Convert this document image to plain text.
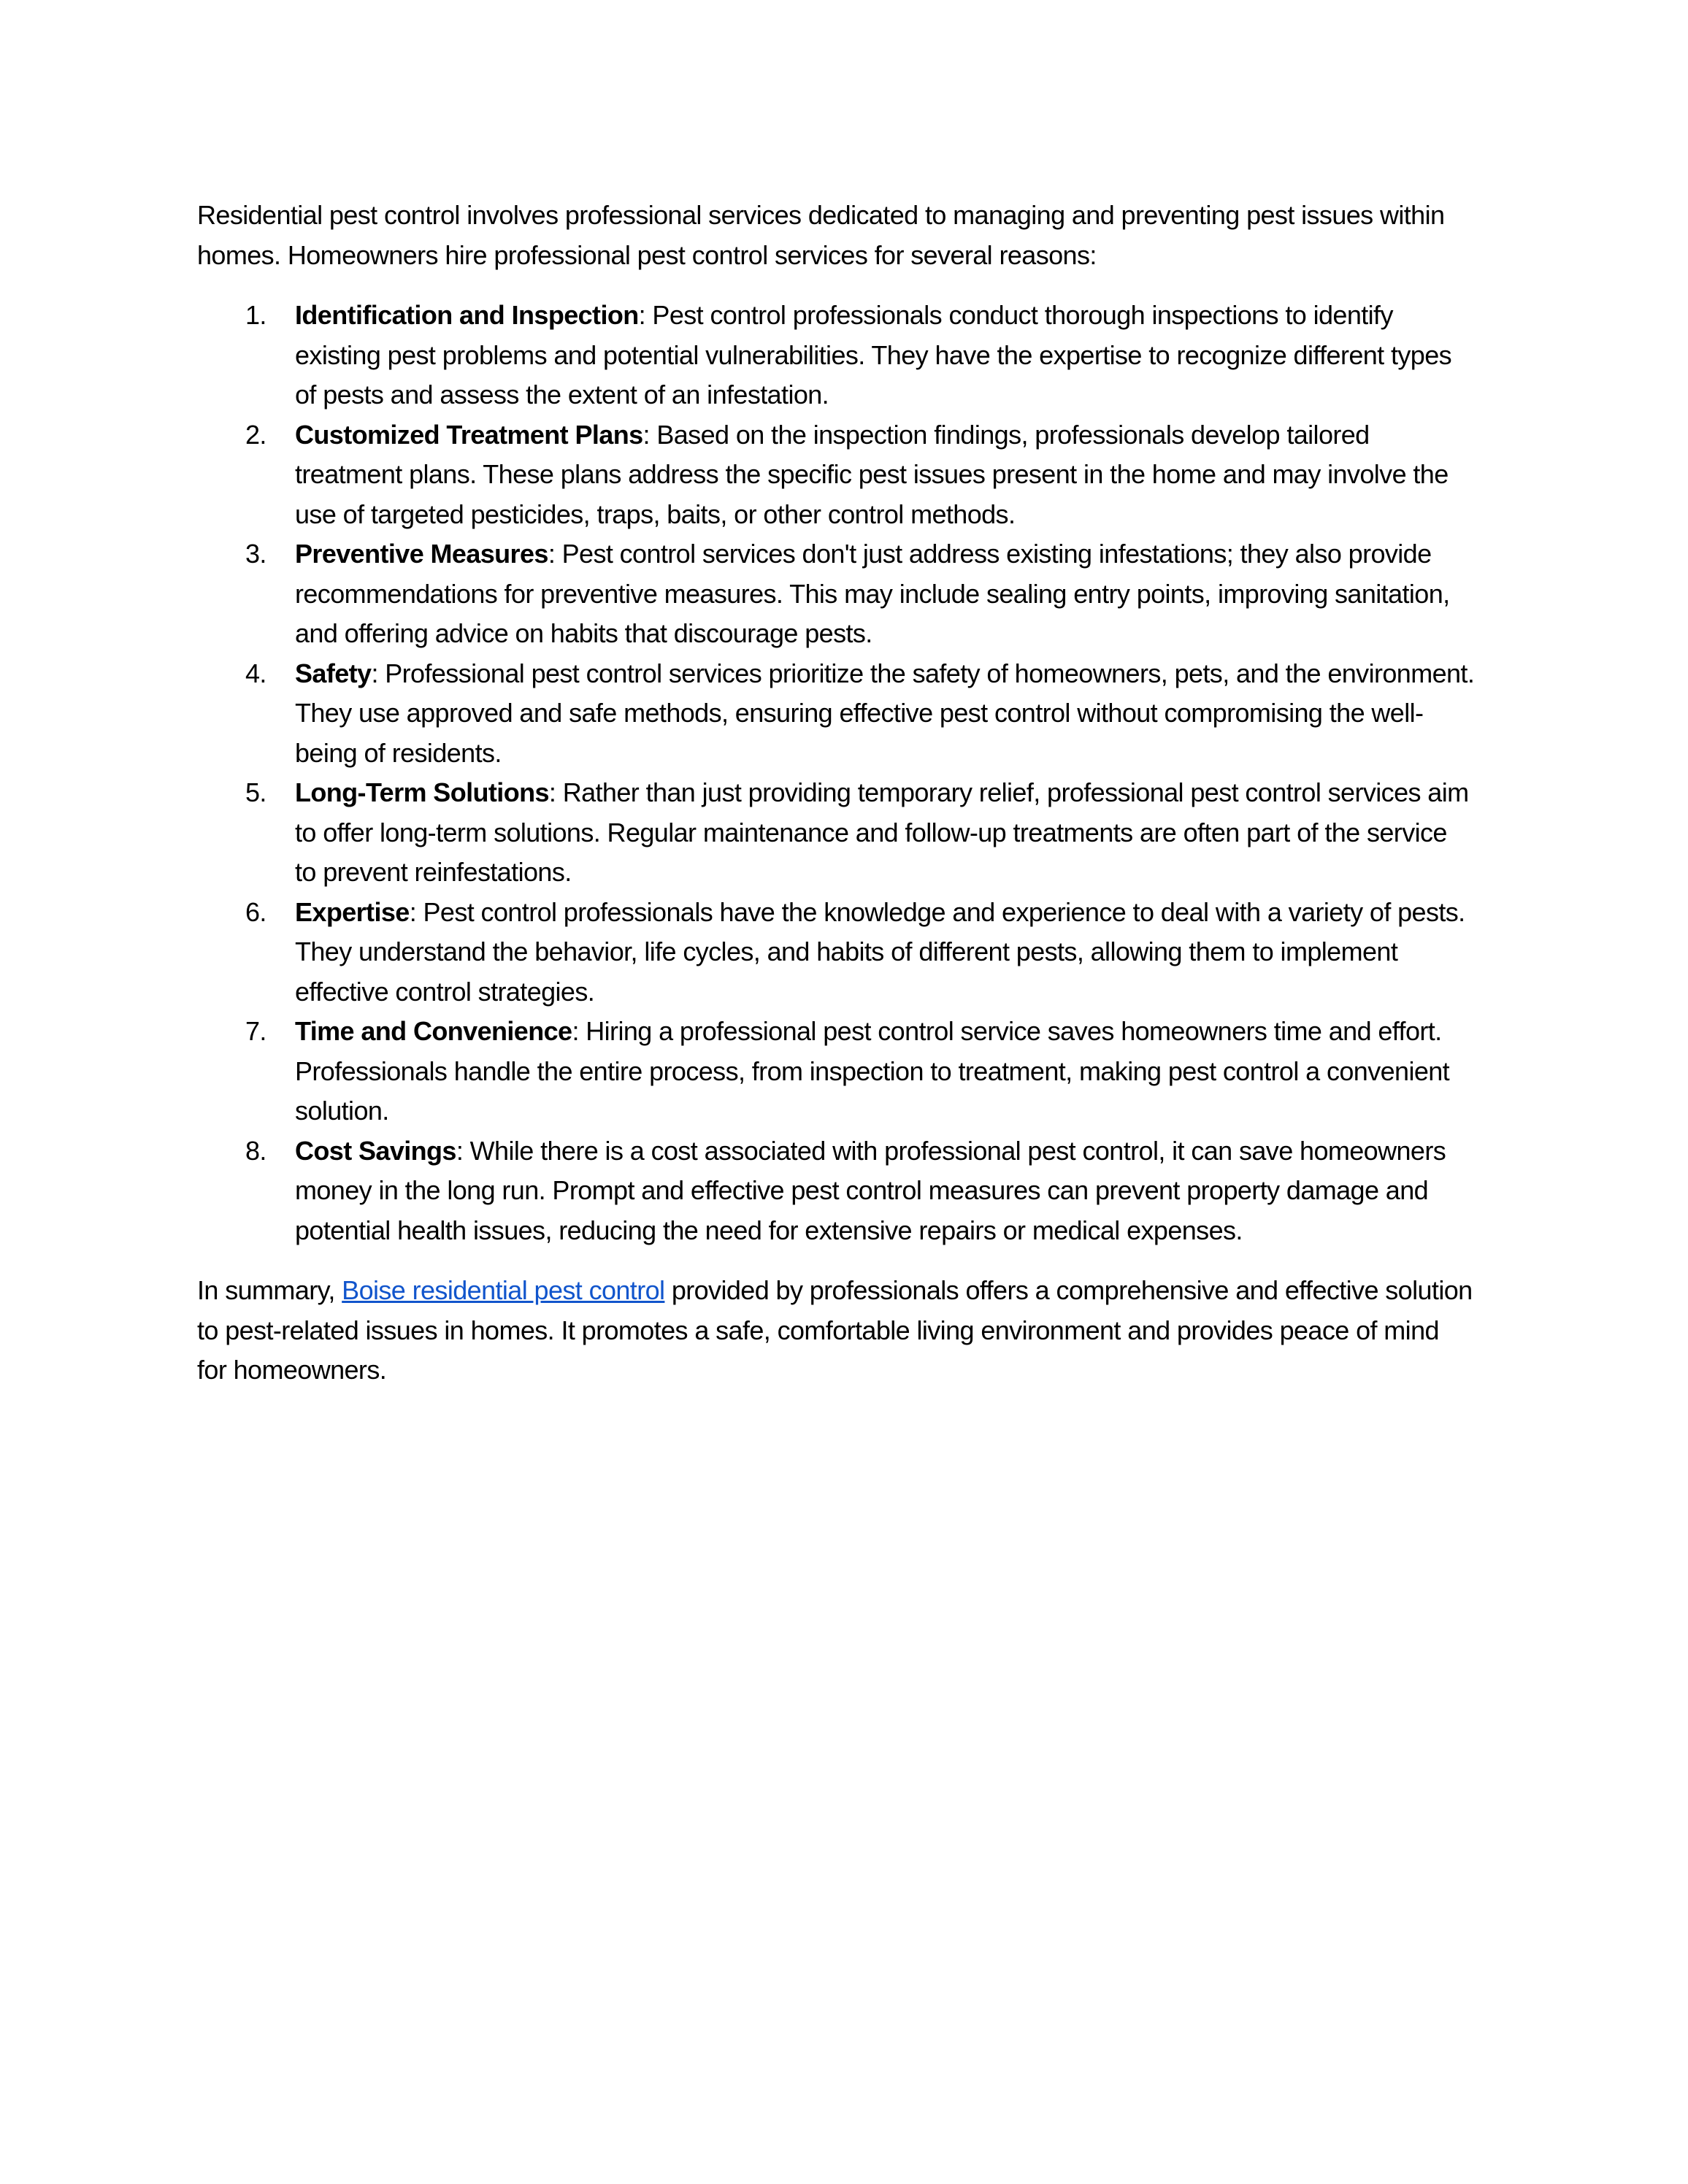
Residential pest control involves professional services dedicated to managing and preventing pest issues within homes. Homeowners hire professional pest control services for several reasons:

1. Identification and Inspection: Pest control professionals conduct thorough inspections to identify existing pest problems and potential vulnerabilities. They have the expertise to recognize different types of pests and assess the extent of an infestation.
2. Customized Treatment Plans: Based on the inspection findings, professionals develop tailored treatment plans. These plans address the specific pest issues present in the home and may involve the use of targeted pesticides, traps, baits, or other control methods.
3. Preventive Measures: Pest control services don't just address existing infestations; they also provide recommendations for preventive measures. This may include sealing entry points, improving sanitation, and offering advice on habits that discourage pests.
4. Safety: Professional pest control services prioritize the safety of homeowners, pets, and the environment. They use approved and safe methods, ensuring effective pest control without compromising the well-being of residents.
5. Long-Term Solutions: Rather than just providing temporary relief, professional pest control services aim to offer long-term solutions. Regular maintenance and follow-up treatments are often part of the service to prevent reinfestations.
6. Expertise: Pest control professionals have the knowledge and experience to deal with a variety of pests. They understand the behavior, life cycles, and habits of different pests, allowing them to implement effective control strategies.
7. Time and Convenience: Hiring a professional pest control service saves homeowners time and effort. Professionals handle the entire process, from inspection to treatment, making pest control a convenient solution.
8. Cost Savings: While there is a cost associated with professional pest control, it can save homeowners money in the long run. Prompt and effective pest control measures can prevent property damage and potential health issues, reducing the need for extensive repairs or medical expenses.

In summary, Boise residential pest control provided by professionals offers a comprehensive and effective solution to pest-related issues in homes. It promotes a safe, comfortable living environment and provides peace of mind for homeowners.
